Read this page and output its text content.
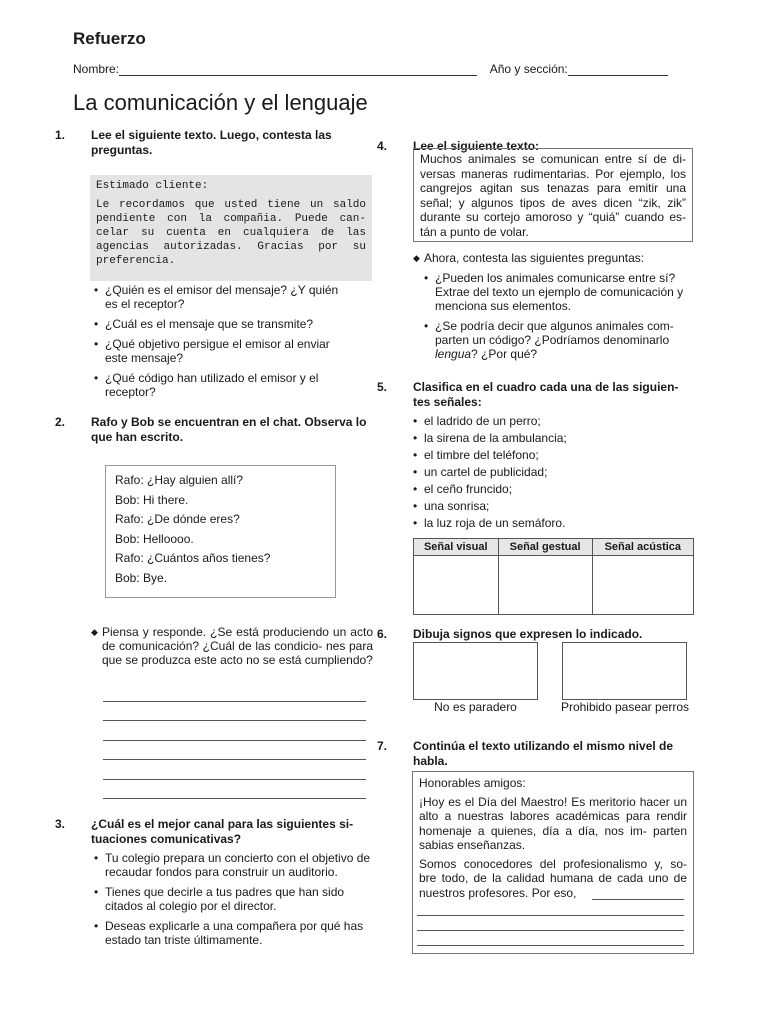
Refuerzo
Nombre:	Año y sección:
La comunicación y el lenguaje
1. Lee el siguiente texto. Luego, contesta las preguntas.

Estimado cliente:

Le recordamos que usted tiene un saldo pendiente con la compañia. Puede can- celar su cuenta en cualquiera de las agencias autorizadas. Gracias por su preferencia.

• ¿Quién es el emisor del mensaje? ¿Y quién es el receptor?
• ¿Cuál es el mensaje que se transmite?
• ¿Qué objetivo persigue el emisor al enviar este mensaje?
• ¿Qué código han utilizado el emisor y el receptor?
2. Rafo y Bob se encuentran en el chat. Observa lo que han escrito.
Rafo: ¿Hay alguien allí?
Bob: Hi there.
Rafo: ¿De dónde eres?
Bob: Helloooo.
Rafo: ¿Cuántos años tienes?
Bob: Bye.
◆ Piensa y responde. ¿Se está produciendo un acto de comunicación? ¿Cuál de las condicio- nes para que se produzca este acto no se está cumpliendo?
3. ¿Cuál es el mejor canal para las siguientes si- tuaciones comunicativas?
• Tu colegio prepara un concierto con el objetivo de recaudar fondos para construir un auditorio.
• Tienes que decirle a tus padres que han sido citados al colegio por el director.
• Deseas explicarle a una compañera por qué has estado tan triste últimamente.
4. Lee el siguiente texto:

Muchos animales se comunican entre sí de di- versas maneras rudimentarias. Por ejemplo, los cangrejos agitan sus tenazas para emitir una señal; y algunos tipos de aves dicen “zik, zik” durante su cortejo amoroso y “quiá” cuando es- tán a punto de volar.

◆ Ahora, contesta las siguientes preguntas:
• ¿Pueden los animales comunicarse entre sí? Extrae del texto un ejemplo de comunicación y menciona sus elementos.
• ¿Se podría decir que algunos animales com- parten un código? ¿Podríamos denominarlo lengua? ¿Por qué?
5. Clasifica en el cuadro cada una de las siguien- tes señales:
• el ladrido de un perro;
• la sirena de la ambulancia;
• el timbre del teléfono;
• un cartel de publicidad;
• el ceño fruncido;
• una sonrisa;
• la luz roja de un semáforo.
Señal visual	Señal gestual	Señal acústica

6. Dibuja signos que expresen lo indicado.
No es paradero	Prohibido pasear perros
7. Continúa el texto utilizando el mismo nivel de habla.

Honorables amigos:

¡Hoy es el Día del Maestro! Es meritorio hacer un alto a nuestras labores académicas para rendir homenaje a quienes, día a día, nos im- parten sabias enseñanzas.

Somos conocedores del profesionalismo y, so- bre todo, de la calidad humana de cada uno de nuestros profesores. Por eso,
